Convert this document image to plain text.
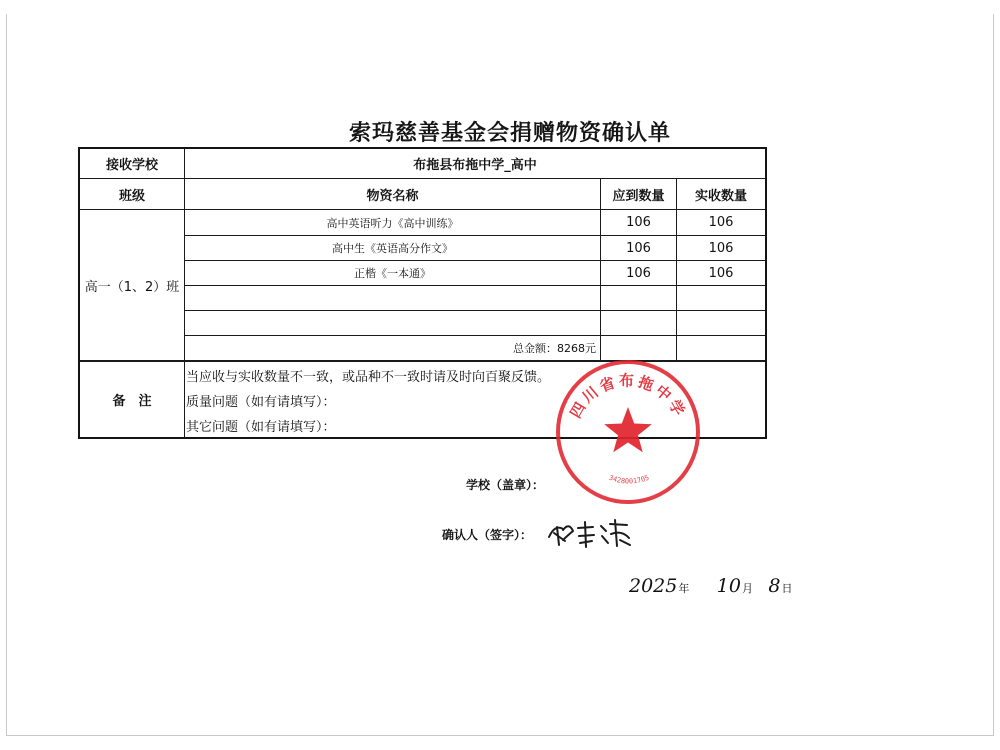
索玛慈善基金会捐赠物资确认单
接收学校	布拖县布拖中学_高中
班级	物资名称	应到数量	实收数量
高一（1、2）班
高中英语听力《高中训练》	106	106
高中生《英语高分作文》	106	106
正楷《一本通》	106	106
总金额：8268元
备　注
当应收与实收数量不一致，或品种不一致时请及时向百聚反馈。
质量问题（如有请填写）：
其它问题（如有请填写）：
四川省布拖中学
3428001705
学校（盖章）：
确认人（签字）：
2025年 10月 8日
